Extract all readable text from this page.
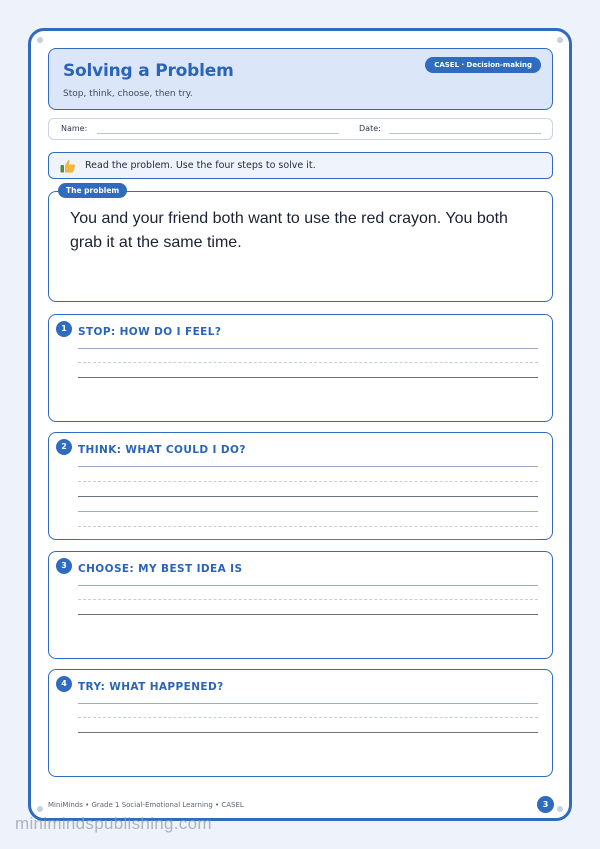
Solving a Problem
Stop, think, choose, then try.
CASEL · Decision-making
Name:	Date:
Read the problem. Use the four steps to solve it.
You and your friend both want to use the red crayon. You both grab it at the same time.
The problem
1	STOP: HOW DO I FEEL?
2	THINK: WHAT COULD I DO?
3	CHOOSE: MY BEST IDEA IS
4	TRY: WHAT HAPPENED?
MiniMinds • Grade 1 Social-Emotional Learning • CASEL	3
minimindspublishing.com
